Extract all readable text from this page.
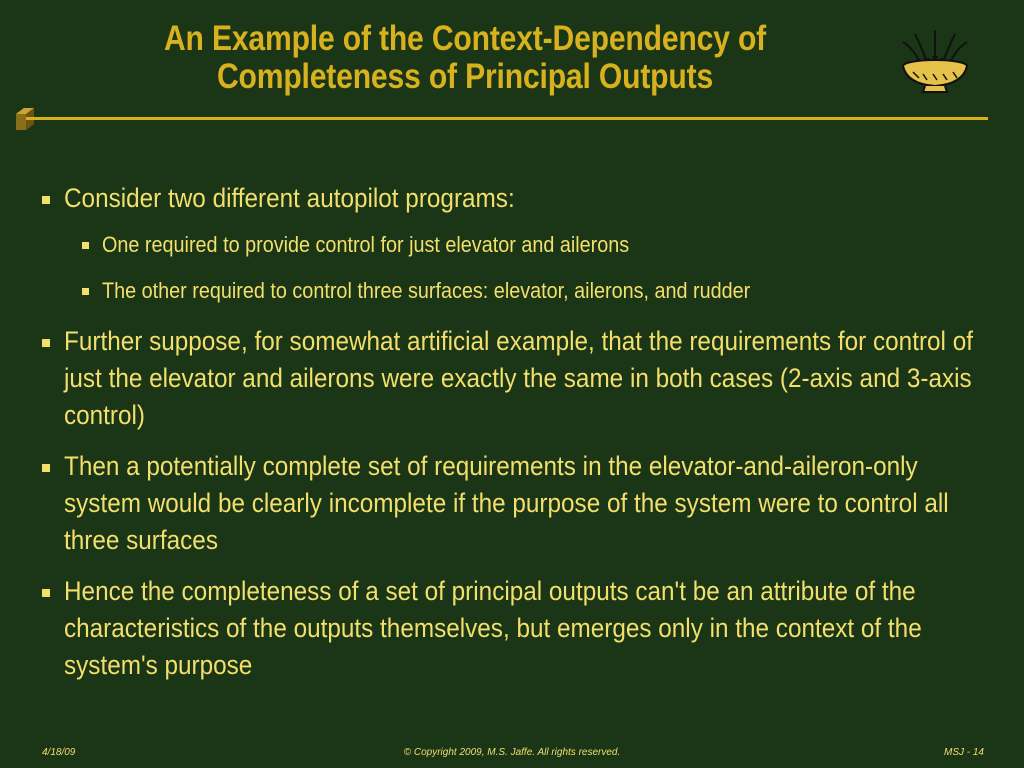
An Example of the Context-Dependency of
Completeness of Principal Outputs
Consider two different autopilot programs:
One required to provide control for just elevator and ailerons
The other required to control three surfaces: elevator, ailerons, and rudder
Further suppose, for somewhat artificial example, that the requirements for control of just the elevator and ailerons were exactly the same in both cases (2-axis and 3-axis control)
Then a potentially complete set of requirements in the elevator-and-aileron-only system would be clearly incomplete if the purpose of the system were to control all three surfaces
Hence the completeness of a set of principal outputs can't be an attribute of the characteristics of the outputs themselves, but emerges only in the context of the system's purpose
4/18/09	© Copyright 2009, M.S. Jaffe. All rights reserved.	MSJ - 14
